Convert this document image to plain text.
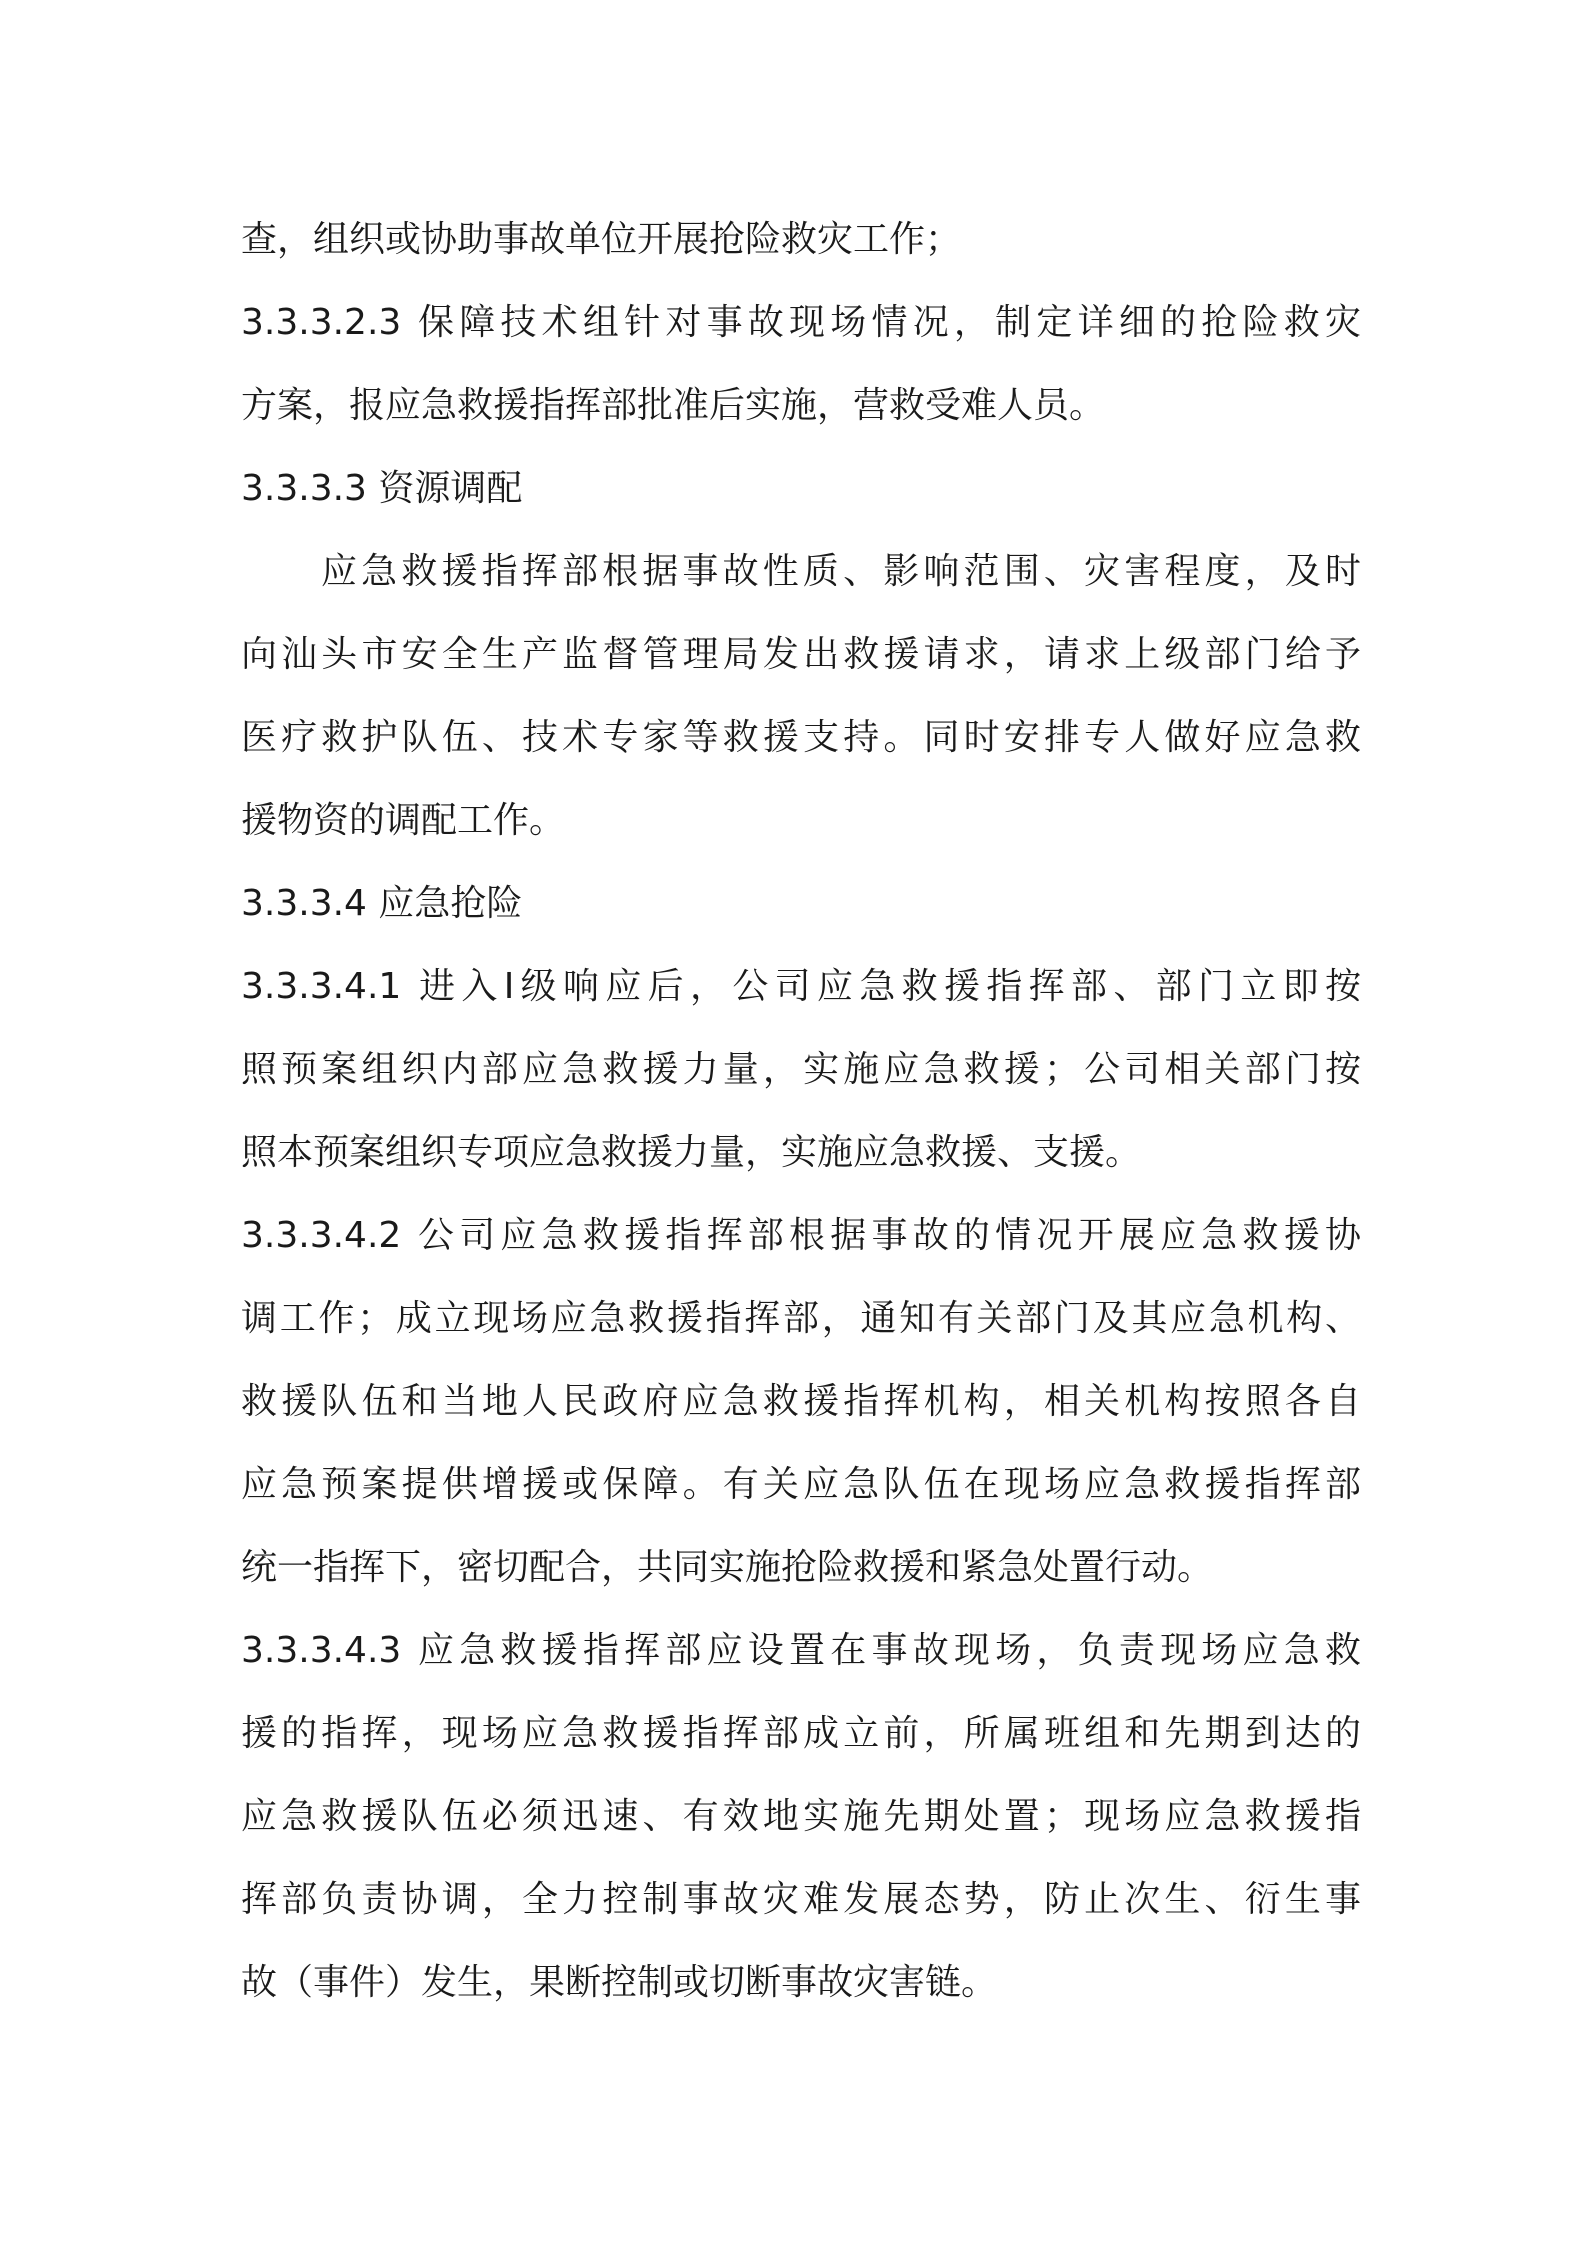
查，组织或协助事故单位开展抢险救灾工作；
3.3.3.2.3 保障技术组针对事故现场情况，制定详细的抢险救灾
方案，报应急救援指挥部批准后实施，营救受难人员。
3.3.3.3 资源调配
应急救援指挥部根据事故性质、影响范围、灾害程度，及时
向汕头市安全生产监督管理局发出救援请求，请求上级部门给予
医疗救护队伍、技术专家等救援支持。同时安排专人做好应急救
援物资的调配工作。
3.3.3.4 应急抢险
3.3.3.4.1 进入Ⅰ级响应后，公司应急救援指挥部、部门立即按
照预案组织内部应急救援力量，实施应急救援；公司相关部门按
照本预案组织专项应急救援力量，实施应急救援、支援。
3.3.3.4.2 公司应急救援指挥部根据事故的情况开展应急救援协
调工作；成立现场应急救援指挥部，通知有关部门及其应急机构、
救援队伍和当地人民政府应急救援指挥机构，相关机构按照各自
应急预案提供增援或保障。有关应急队伍在现场应急救援指挥部
统一指挥下，密切配合，共同实施抢险救援和紧急处置行动。
3.3.3.4.3 应急救援指挥部应设置在事故现场，负责现场应急救
援的指挥，现场应急救援指挥部成立前，所属班组和先期到达的
应急救援队伍必须迅速、有效地实施先期处置；现场应急救援指
挥部负责协调，全力控制事故灾难发展态势，防止次生、衍生事
故（事件）发生，果断控制或切断事故灾害链。
